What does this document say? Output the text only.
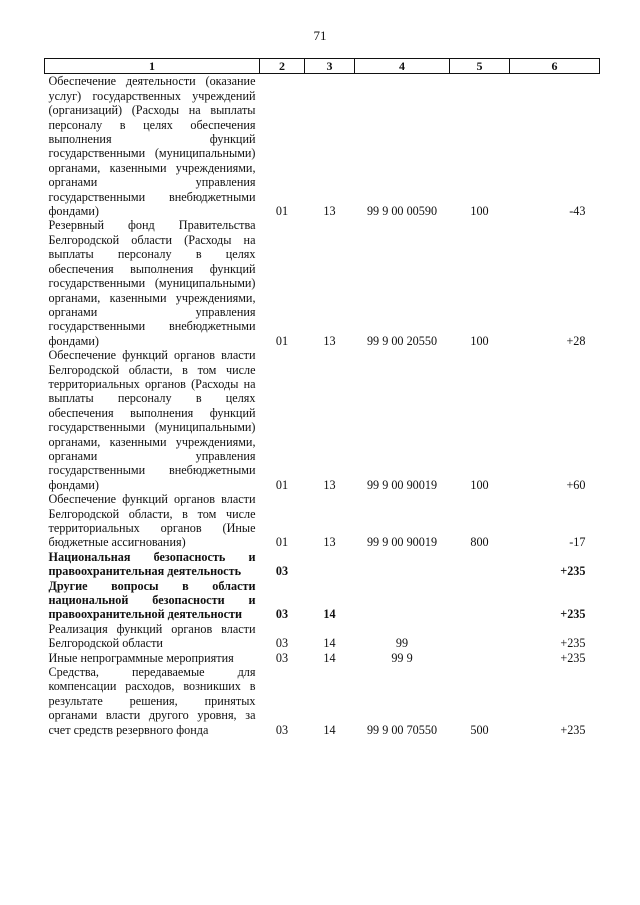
71
1	2	3	4	5	6
Обеспечение деятельности (оказание услуг) государственных учреждений (организаций) (Расходы на выплаты персоналу в целях обеспечения выполнения функций государственными (муниципальными) органами, казенными учреждениями, органами управления государственными внебюджетными фондами)	01	13	99 9 00 00590	100	-43
Резервный фонд Правительства Белгородской области (Расходы на выплаты персоналу в целях обеспечения выполнения функций государственными (муниципальными) органами, казенными учреждениями, органами управления государственными внебюджетными фондами)	01	13	99 9 00 20550	100	+28
Обеспечение функций органов власти Белгородской области, в том числе территориальных органов (Расходы на выплаты персоналу в целях обеспечения выполнения функций государственными (муниципальными) органами, казенными учреждениями, органами управления государственными внебюджетными фондами)	01	13	99 9 00 90019	100	+60
Обеспечение функций органов власти Белгородской области, в том числе территориальных органов (Иные бюджетные ассигнования)	01	13	99 9 00 90019	800	-17
Национальная безопасность и правоохранительная деятельность	03				+235
Другие вопросы в области национальной безопасности и правоохранительной деятельности	03	14			+235
Реализация функций органов власти Белгородской области	03	14	99		+235
Иные непрограммные мероприятия	03	14	99 9		+235
Средства, передаваемые для компенсации расходов, возникших в результате решения, принятых органами власти другого уровня, за счет средств резервного фонда	03	14	99 9 00 70550	500	+235
